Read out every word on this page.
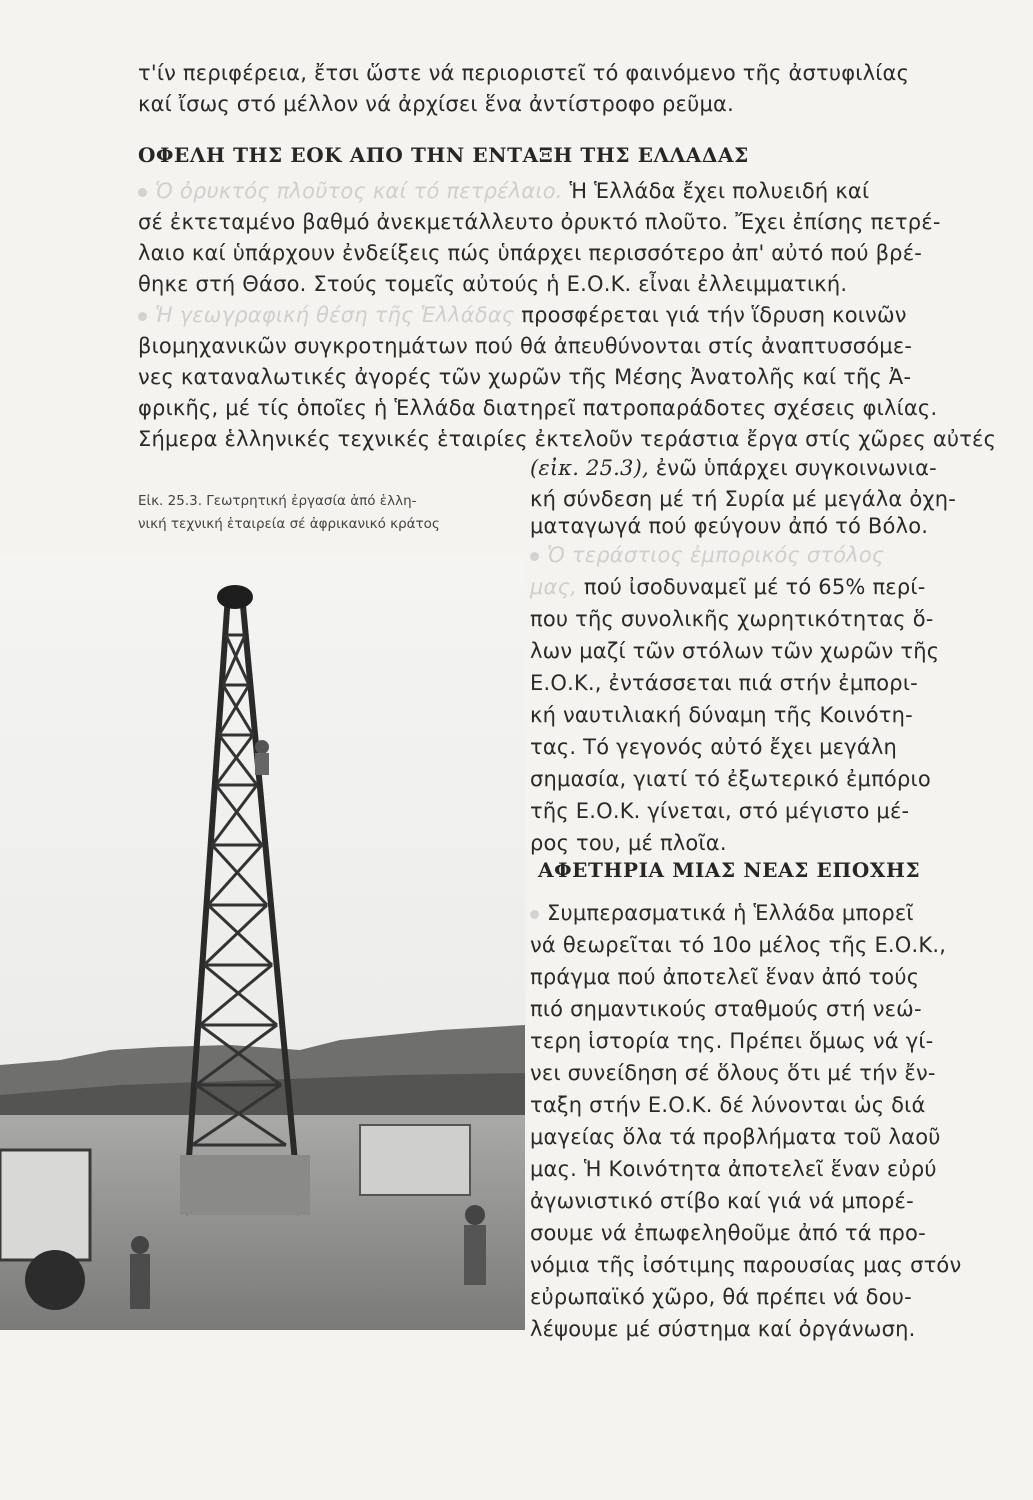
τ'ίν περιφέρεια, ἔτσι ὥστε νά περιοριστεῖ τό φαινόμενο τῆς ἀστυφιλίας

καί ἴσως στό μέλλον νά ἀρχίσει ἕνα ἀντίστροφο ρεῦμα.

ΟΦΕΛΗ ΤΗΣ ΕΟΚ ΑΠΟ ΤΗΝ ΕΝΤΑΞΗ ΤΗΣ ΕΛΛΑΔΑΣ

Ὁ ὀρυκτός πλοῦτος καί τό πετρέλαιο. Ἡ Ἑλλάδα ἔχει πολυειδή καί

σέ ἐκτεταμένο βαθμό ἀνεκμετάλλευτο ὀρυκτό πλοῦτο. Ἔχει ἐπίσης πετρέ-

λαιο καί ὑπάρχουν ἐνδείξεις πώς ὑπάρχει περισσότερο ἀπ' αὐτό πού βρέ-

θηκε στή Θάσο. Στούς τομεῖς αὐτούς ἡ Ε.Ο.Κ. εἶναι ἐλλειμματική.

Ἡ γεωγραφική θέση τῆς Ἑλλάδας προσφέρεται γιά τήν ἵδρυση κοινῶν

βιομηχανικῶν συγκροτημάτων πού θά ἀπευθύνονται στίς ἀναπτυσσόμε-

νες καταναλωτικές ἀγορές τῶν χωρῶν τῆς Μέσης Ἀνατολῆς καί τῆς Ἀ-

φρικῆς, μέ τίς ὁποῖες ἡ Ἑλλάδα διατηρεῖ πατροπαράδοτες σχέσεις φιλίας.

Σήμερα ἑλληνικές τεχνικές ἑταιρίες ἐκτελοῦν τεράστια ἔργα στίς χῶρες αὐτές

(εἰκ. 25.3), ἐνῶ ὑπάρχει συγκοινωνια-

κή σύνδεση μέ τή Συρία μέ μεγάλα ὀχη-

ματαγωγά πού φεύγουν ἀπό τό Βόλο.

Εἰκ. 25.3. Γεωτρητική ἐργασία ἀπό ἑλλη-

νική τεχνική ἑταιρεία σέ ἀφρικανικό κράτος

Ὁ τεράστιος ἐμπορικός στόλος

μας, πού ἰσοδυναμεῖ μέ τό 65% περί-

που τῆς συνολικῆς χωρητικότητας ὅ-

λων μαζί τῶν στόλων τῶν χωρῶν τῆς

Ε.Ο.Κ., ἐντάσσεται πιά στήν ἐμπορι-

κή ναυτιλιακή δύναμη τῆς Κοινότη-

τας. Τό γεγονός αὐτό ἔχει μεγάλη

σημασία, γιατί τό ἐξωτερικό ἐμπόριο

τῆς Ε.Ο.Κ. γίνεται, στό μέγιστο μέ-

ρος του, μέ πλοῖα.

ΑΦΕΤΗΡΙΑ ΜΙΑΣ ΝΕΑΣ ΕΠΟΧΗΣ

Συμπερασματικά ἡ Ἑλλάδα μπορεῖ

νά θεωρεῖται τό 10ο μέλος τῆς Ε.Ο.Κ.,

πράγμα πού ἀποτελεῖ ἕναν ἀπό τούς

πιό σημαντικούς σταθμούς στή νεώ-

τερη ἱστορία της. Πρέπει ὅμως νά γί-

νει συνείδηση σέ ὅλους ὅτι μέ τήν ἔν-

ταξη στήν Ε.Ο.Κ. δέ λύνονται ὡς διά

μαγείας ὅλα τά προβλήματα τοῦ λαοῦ

μας. Ἡ Κοινότητα ἀποτελεῖ ἕναν εὐρύ

ἀγωνιστικό στίβο καί γιά νά μπορέ-

σουμε νά ἐπωφεληθοῦμε ἀπό τά προ-

νόμια τῆς ἰσότιμης παρουσίας μας στόν

εὐρωπαϊκό χῶρο, θά πρέπει νά δου-

λέψουμε μέ σύστημα καί ὀργάνωση.
